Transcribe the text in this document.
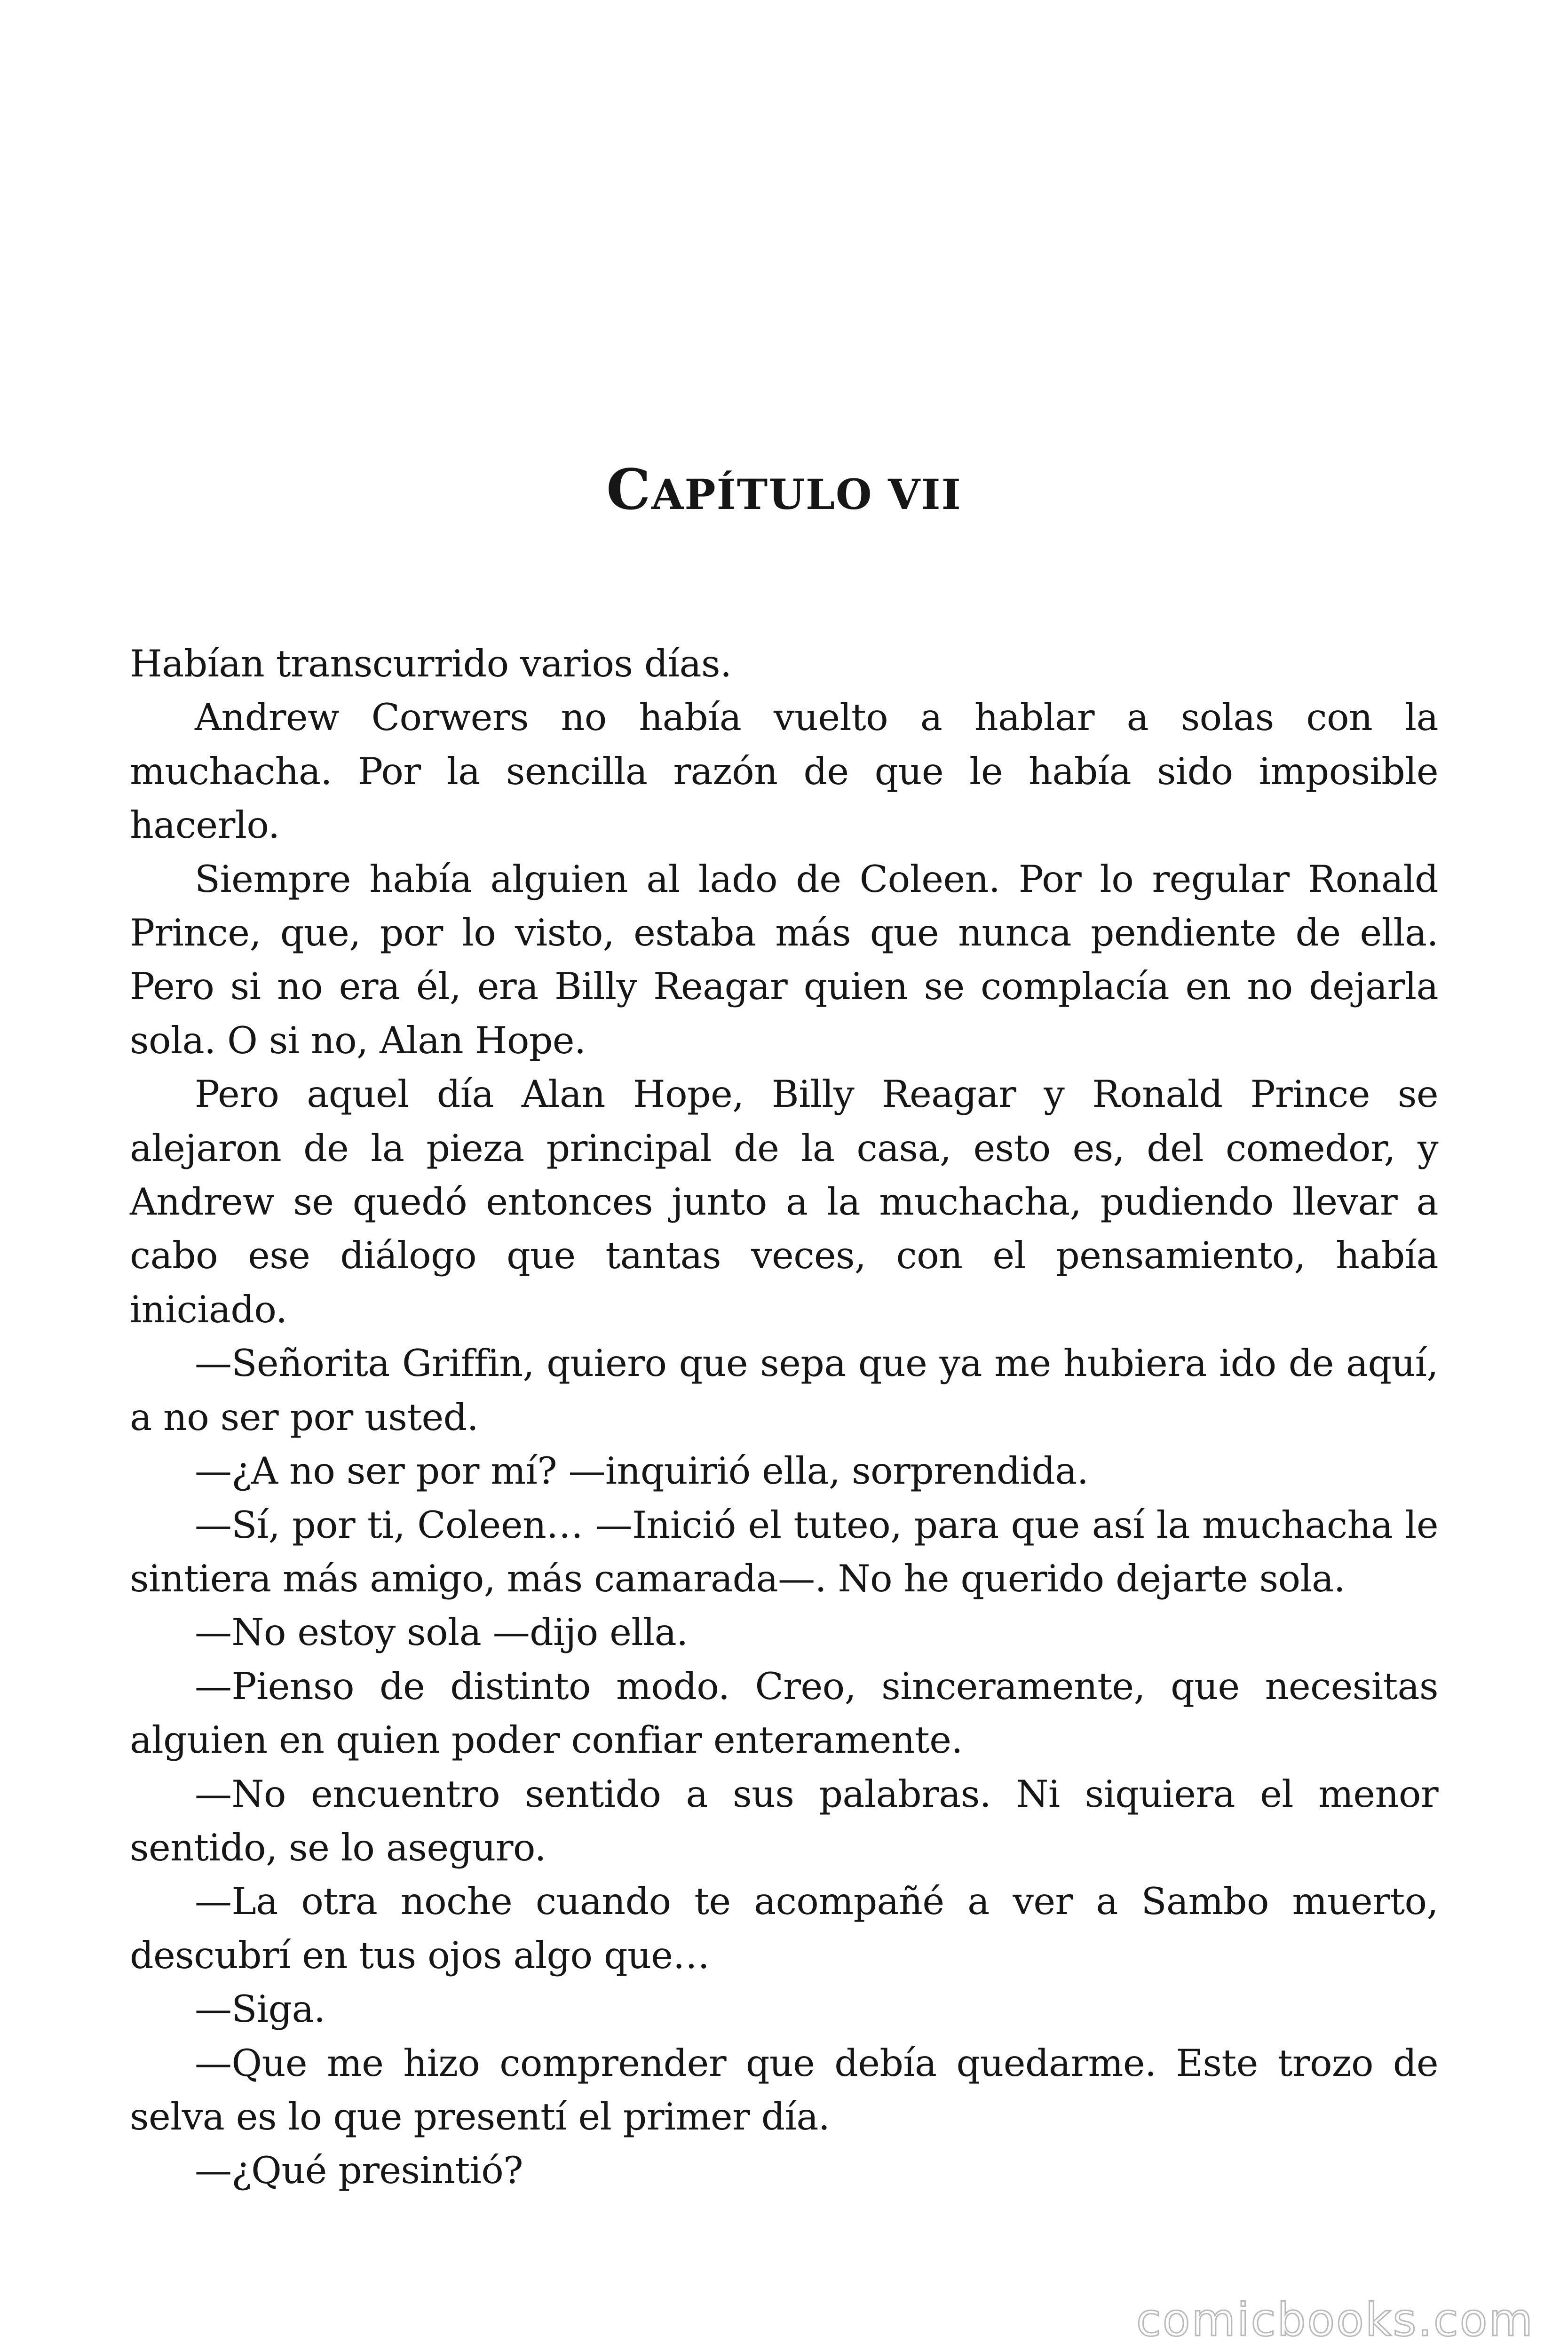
CAPÍTULO VII

Habían transcurrido varios días.

Andrew Corwers no había vuelto a hablar a solas con la muchacha. Por la sencilla razón de que le había sido imposible hacerlo.

Siempre había alguien al lado de Coleen. Por lo regular Ronald Prince, que, por lo visto, estaba más que nunca pendiente de ella. Pero si no era él, era Billy Reagar quien se complacía en no dejarla sola. O si no, Alan Hope.

Pero aquel día Alan Hope, Billy Reagar y Ronald Prince se alejaron de la pieza principal de la casa, esto es, del comedor, y Andrew se quedó entonces junto a la muchacha, pudiendo llevar a cabo ese diálogo que tantas veces, con el pensamiento, había iniciado.

—Señorita Griffin, quiero que sepa que ya me hubiera ido de aquí, a no ser por usted.

—¿A no ser por mí? —inquirió ella, sorprendida.

—Sí, por ti, Coleen… —Inició el tuteo, para que así la muchacha le sintiera más amigo, más camarada—. No he querido dejarte sola.

—No estoy sola —dijo ella.

—Pienso de distinto modo. Creo, sinceramente, que necesitas alguien en quien poder confiar enteramente.

—No encuentro sentido a sus palabras. Ni siquiera el menor sentido, se lo aseguro.

—La otra noche cuando te acompañé a ver a Sambo muerto, descubrí en tus ojos algo que…

—Siga.

—Que me hizo comprender que debía quedarme. Este trozo de selva es lo que presentí el primer día.

—¿Qué presintió?

comicbooks.com
